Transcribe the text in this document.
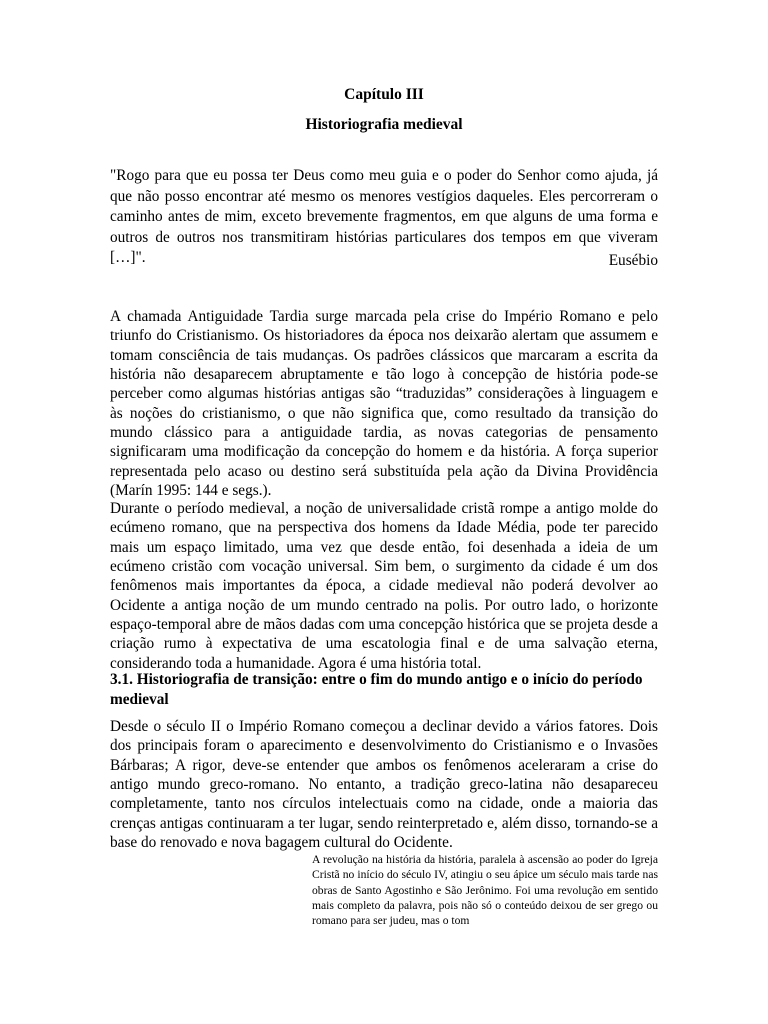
Capítulo III
Historiografia medieval

"Rogo para que eu possa ter Deus como meu guia e o poder do Senhor como ajuda, já que não posso encontrar até mesmo os menores vestígios daqueles. Eles percorreram o caminho antes de mim, exceto brevemente fragmentos, em que alguns de uma forma e outros de outros nos transmitiram histórias particulares dos tempos em que viveram […]".	Eusébio

A chamada Antiguidade Tardia surge marcada pela crise do Império Romano e pelo triunfo do Cristianismo. Os historiadores da época nos deixarão alertam que assumem e tomam consciência de tais mudanças. Os padrões clássicos que marcaram a escrita da história não desaparecem abruptamente e tão logo à concepção de história pode-se perceber como algumas histórias antigas são “traduzidas” considerações à linguagem e às noções do cristianismo, o que não significa que, como resultado da transição do mundo clássico para a antiguidade tardia, as novas categorias de pensamento significaram uma modificação da concepção do homem e da história. A força superior representada pelo acaso ou destino será substituída pela ação da Divina Providência (Marín 1995: 144 e segs.).

Durante o período medieval, a noção de universalidade cristã rompe a antigo molde do ecúmeno romano, que na perspectiva dos homens da Idade Média, pode ter parecido mais um espaço limitado, uma vez que desde então, foi desenhada a ideia de um ecúmeno cristão com vocação universal. Sim bem, o surgimento da cidade é um dos fenômenos mais importantes da época, a cidade medieval não poderá devolver ao Ocidente a antiga noção de um mundo centrado na polis. Por outro lado, o horizonte espaço-temporal abre de mãos dadas com uma concepção histórica que se projeta desde a criação rumo à expectativa de uma escatologia final e de uma salvação eterna, considerando toda a humanidade. Agora é uma história total.

3.1. Historiografia de transição: entre o fim do mundo antigo e o início do período medieval

Desde o século II o Império Romano começou a declinar devido a vários fatores. Dois dos principais foram o aparecimento e desenvolvimento do Cristianismo e o Invasões Bárbaras; A rigor, deve-se entender que ambos os fenômenos aceleraram a crise do antigo mundo greco-romano. No entanto, a tradição greco-latina não desapareceu completamente, tanto nos círculos intelectuais como na cidade, onde a maioria das crenças antigas continuaram a ter lugar, sendo reinterpretado e, além disso, tornando-se a base do renovado e nova bagagem cultural do Ocidente.

A revolução na história da história, paralela à ascensão ao poder do Igreja Cristã no início do século IV, atingiu o seu ápice um século mais tarde nas obras de Santo Agostinho e São Jerônimo. Foi uma revolução em sentido mais completo da palavra, pois não só o conteúdo deixou de ser grego ou romano para ser judeu, mas o tom
